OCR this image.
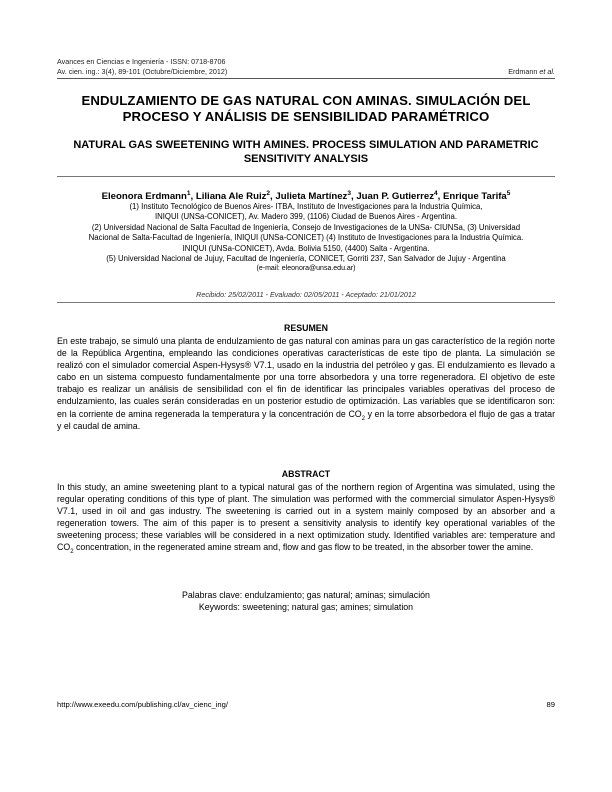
Avances en Ciencias e Ingeniería - ISSN: 0718-8706
Av. cien. ing.: 3(4), 89-101 (Octubre/Diciembre, 2012)	Erdmann et al.
ENDULZAMIENTO DE GAS NATURAL CON AMINAS. SIMULACIÓN DEL PROCESO Y ANÁLISIS DE SENSIBILIDAD PARAMÉTRICO
NATURAL GAS SWEETENING WITH AMINES. PROCESS SIMULATION AND PARAMETRIC SENSITIVITY ANALYSIS
Eleonora Erdmann$^1$, Liliana Ale Ruiz$^2$, Julieta Martínez$^3$, Juan P. Gutierrez$^4$, Enrique Tarifa$^5$
(1) Instituto Tecnológico de Buenos Aires- ITBA, Instituto de Investigaciones para la Industria Química,
INIQUI (UNSa-CONICET), Av. Madero 399, (1106) Ciudad de Buenos Aires - Argentina.
(2) Universidad Nacional de Salta Facultad de Ingeniería, Consejo de Investigaciones de la UNSa- CIUNSa, (3) Universidad
Nacional de Salta-Facultad de Ingeniería, INIQUI (UNSa-CONICET) (4) Instituto de Investigaciones para la Industria Química.
INIQUI (UNSa-CONICET), Avda. Bolivia 5150, (4400) Salta - Argentina.
(5) Universidad Nacional de Jujuy, Facultad de Ingeniería, CONICET, Gorriti 237, San Salvador de Jujuy - Argentina
(e-mail: eleonora@unsa.edu.ar)
Recibido: 25/02/2011 - Evaluado: 02/05/2011 - Aceptado: 21/01/2012
RESUMEN
En este trabajo, se simuló una planta de endulzamiento de gas natural con aminas para un gas característico de la región norte de la República Argentina, empleando las condiciones operativas características de este tipo de planta. La simulación se realizó con el simulador comercial Aspen-Hysys® V7.1, usado en la industria del petróleo y gas. El endulzamiento es llevado a cabo en un sistema compuesto fundamentalmente por una torre absorbedora y una torre regeneradora. El objetivo de este trabajo es realizar un análisis de sensibilidad con el fin de identificar las principales variables operativas del proceso de endulzamiento, las cuales serán consideradas en un posterior estudio de optimización. Las variables que se identificaron son: en la corriente de amina regenerada la temperatura y la concentración de $CO_2$ y en la torre absorbedora el flujo de gas a tratar y el caudal de amina.
ABSTRACT
In this study, an amine sweetening plant to a typical natural gas of the northern region of Argentina was simulated, using the regular operating conditions of this type of plant. The simulation was performed with the commercial simulator Aspen-Hysys® V7.1, used in oil and gas industry. The sweetening is carried out in a system mainly composed by an absorber and a regeneration towers. The aim of this paper is to present a sensitivity analysis to identify key operational variables of the sweetening process; these variables will be considered in a next optimization study. Identified variables are: temperature and $CO_2$ concentration, in the regenerated amine stream and, flow and gas flow to be treated, in the absorber tower the amine.
Palabras clave: endulzamiento; gas natural; aminas; simulación
Keywords: sweetening; natural gas; amines; simulation
http://www.exeedu.com/publishing.cl/av_cienc_ing/	89
